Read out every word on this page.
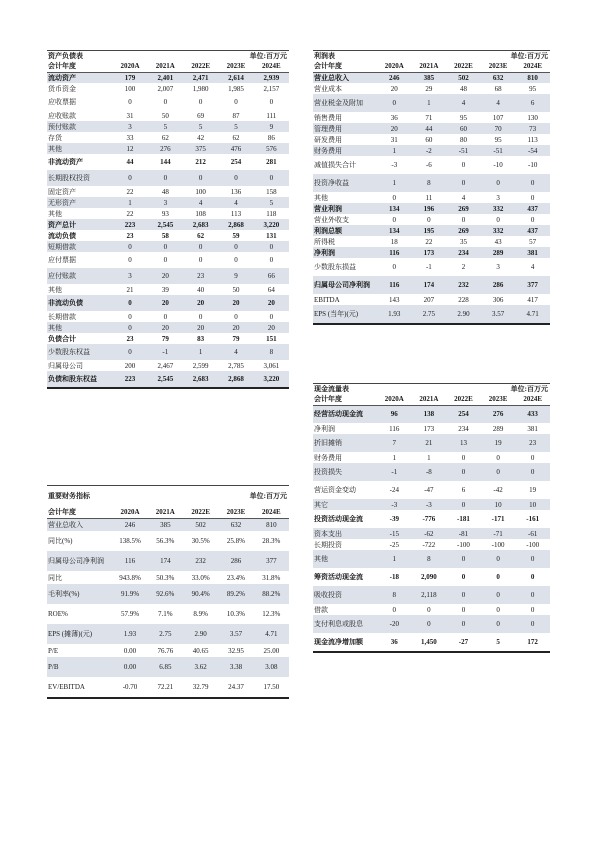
资产负债表		单位:百万元			
会计年度	2020A	2021A	2022E	2023E	2024E
流动资产	179	2,401	2,471	2,614	2,939
货币资金	100	2,007	1,980	1,985	2,157
应收票据	0	0	0	0	0
应收账款	31	50	69	87	111
预付账款	3	5	5	5	9
存货	33	62	42	62	86
其他	12	276	375	476	576
非流动资产	44	144	212	254	281
长期股权投资	0	0	0	0	0
固定资产	22	48	100	136	158
无形资产	1	3	4	4	5
其他	22	93	108	113	118
资产总计	223	2,545	2,683	2,868	3,220
流动负债	23	58	62	59	131
短期借款	0	0	0	0	0
应付票据	0	0	0	0	0
应付账款	3	20	23	9	66
其他	21	39	40	50	64
非流动负债	0	20	20	20	20
长期借款	0	0	0	0	0
其他	0	20	20	20	20
负债合计	23	79	83	79	151
少数股东权益	0	-1	1	4	8
归属母公司	200	2,467	2,599	2,785	3,061
负债和股东权益	223	2,545	2,683	2,868	3,220
重要财务指标		单位:百万元			
会计年度	2020A	2021A	2022E	2023E	2024E
营业总收入	246	385	502	632	810
同比(%)	138.5%	56.3%	30.5%	25.8%	28.3%
归属母公司净利润	116	174	232	286	377
同比	943.8%	50.3%	33.0%	23.4%	31.8%
毛利率(%)	91.9%	92.6%	90.4%	89.2%	88.2%
ROE%	57.9%	7.1%	8.9%	10.3%	12.3%
EPS (摊薄)(元)	1.93	2.75	2.90	3.57	4.71
P/E	0.00	76.76	40.65	32.95	25.00
P/B	0.00	6.85	3.62	3.38	3.08
EV/EBITDA	-0.70	72.21	32.79	24.37	17.50
利润表		单位:百万元			
会计年度	2020A	2021A	2022E	2023E	2024E
营业总收入	246	385	502	632	810
营业成本	20	29	48	68	95
营业税金及附加	0	1	4	4	6
销售费用	36	71	95	107	130
管理费用	20	44	60	70	73
研发费用	31	60	80	95	113
财务费用	1	-2	-51	-51	-54
减值损失合计	-3	-6	0	-10	-10
投资净收益	1	8	0	0	0
其他	0	11	4	3	0
营业利润	134	196	269	332	437
营业外收支	0	0	0	0	0
利润总额	134	195	269	332	437
所得税	18	22	35	43	57
净利润	116	173	234	289	381
少数股东损益	0	-1	2	3	4
归属母公司净利润	116	174	232	286	377
EBITDA	143	207	228	306	417
EPS (当年)(元)	1.93	2.75	2.90	3.57	4.71
现金流量表		单位:百万元			
会计年度	2020A	2021A	2022E	2023E	2024E
经营活动现金流	96	138	254	276	433
净利润	116	173	234	289	381
折旧摊销	7	21	13	19	23
财务费用	1	1	0	0	0
投资损失	-1	-8	0	0	0
营运资金变动	-24	-47	6	-42	19
其它	-3	-3	0	10	10
投资活动现金流	-39	-776	-181	-171	-161
资本支出	-15	-62	-81	-71	-61
长期投资	-25	-722	-100	-100	-100
其他	1	8	0	0	0
筹资活动现金流	-18	2,090	0	0	0
吸收投资	8	2,118	0	0	0
借款	0	0	0	0	0
支付利息或股息	-20	0	0	0	0
现金流净增加额	36	1,450	-27	5	172
